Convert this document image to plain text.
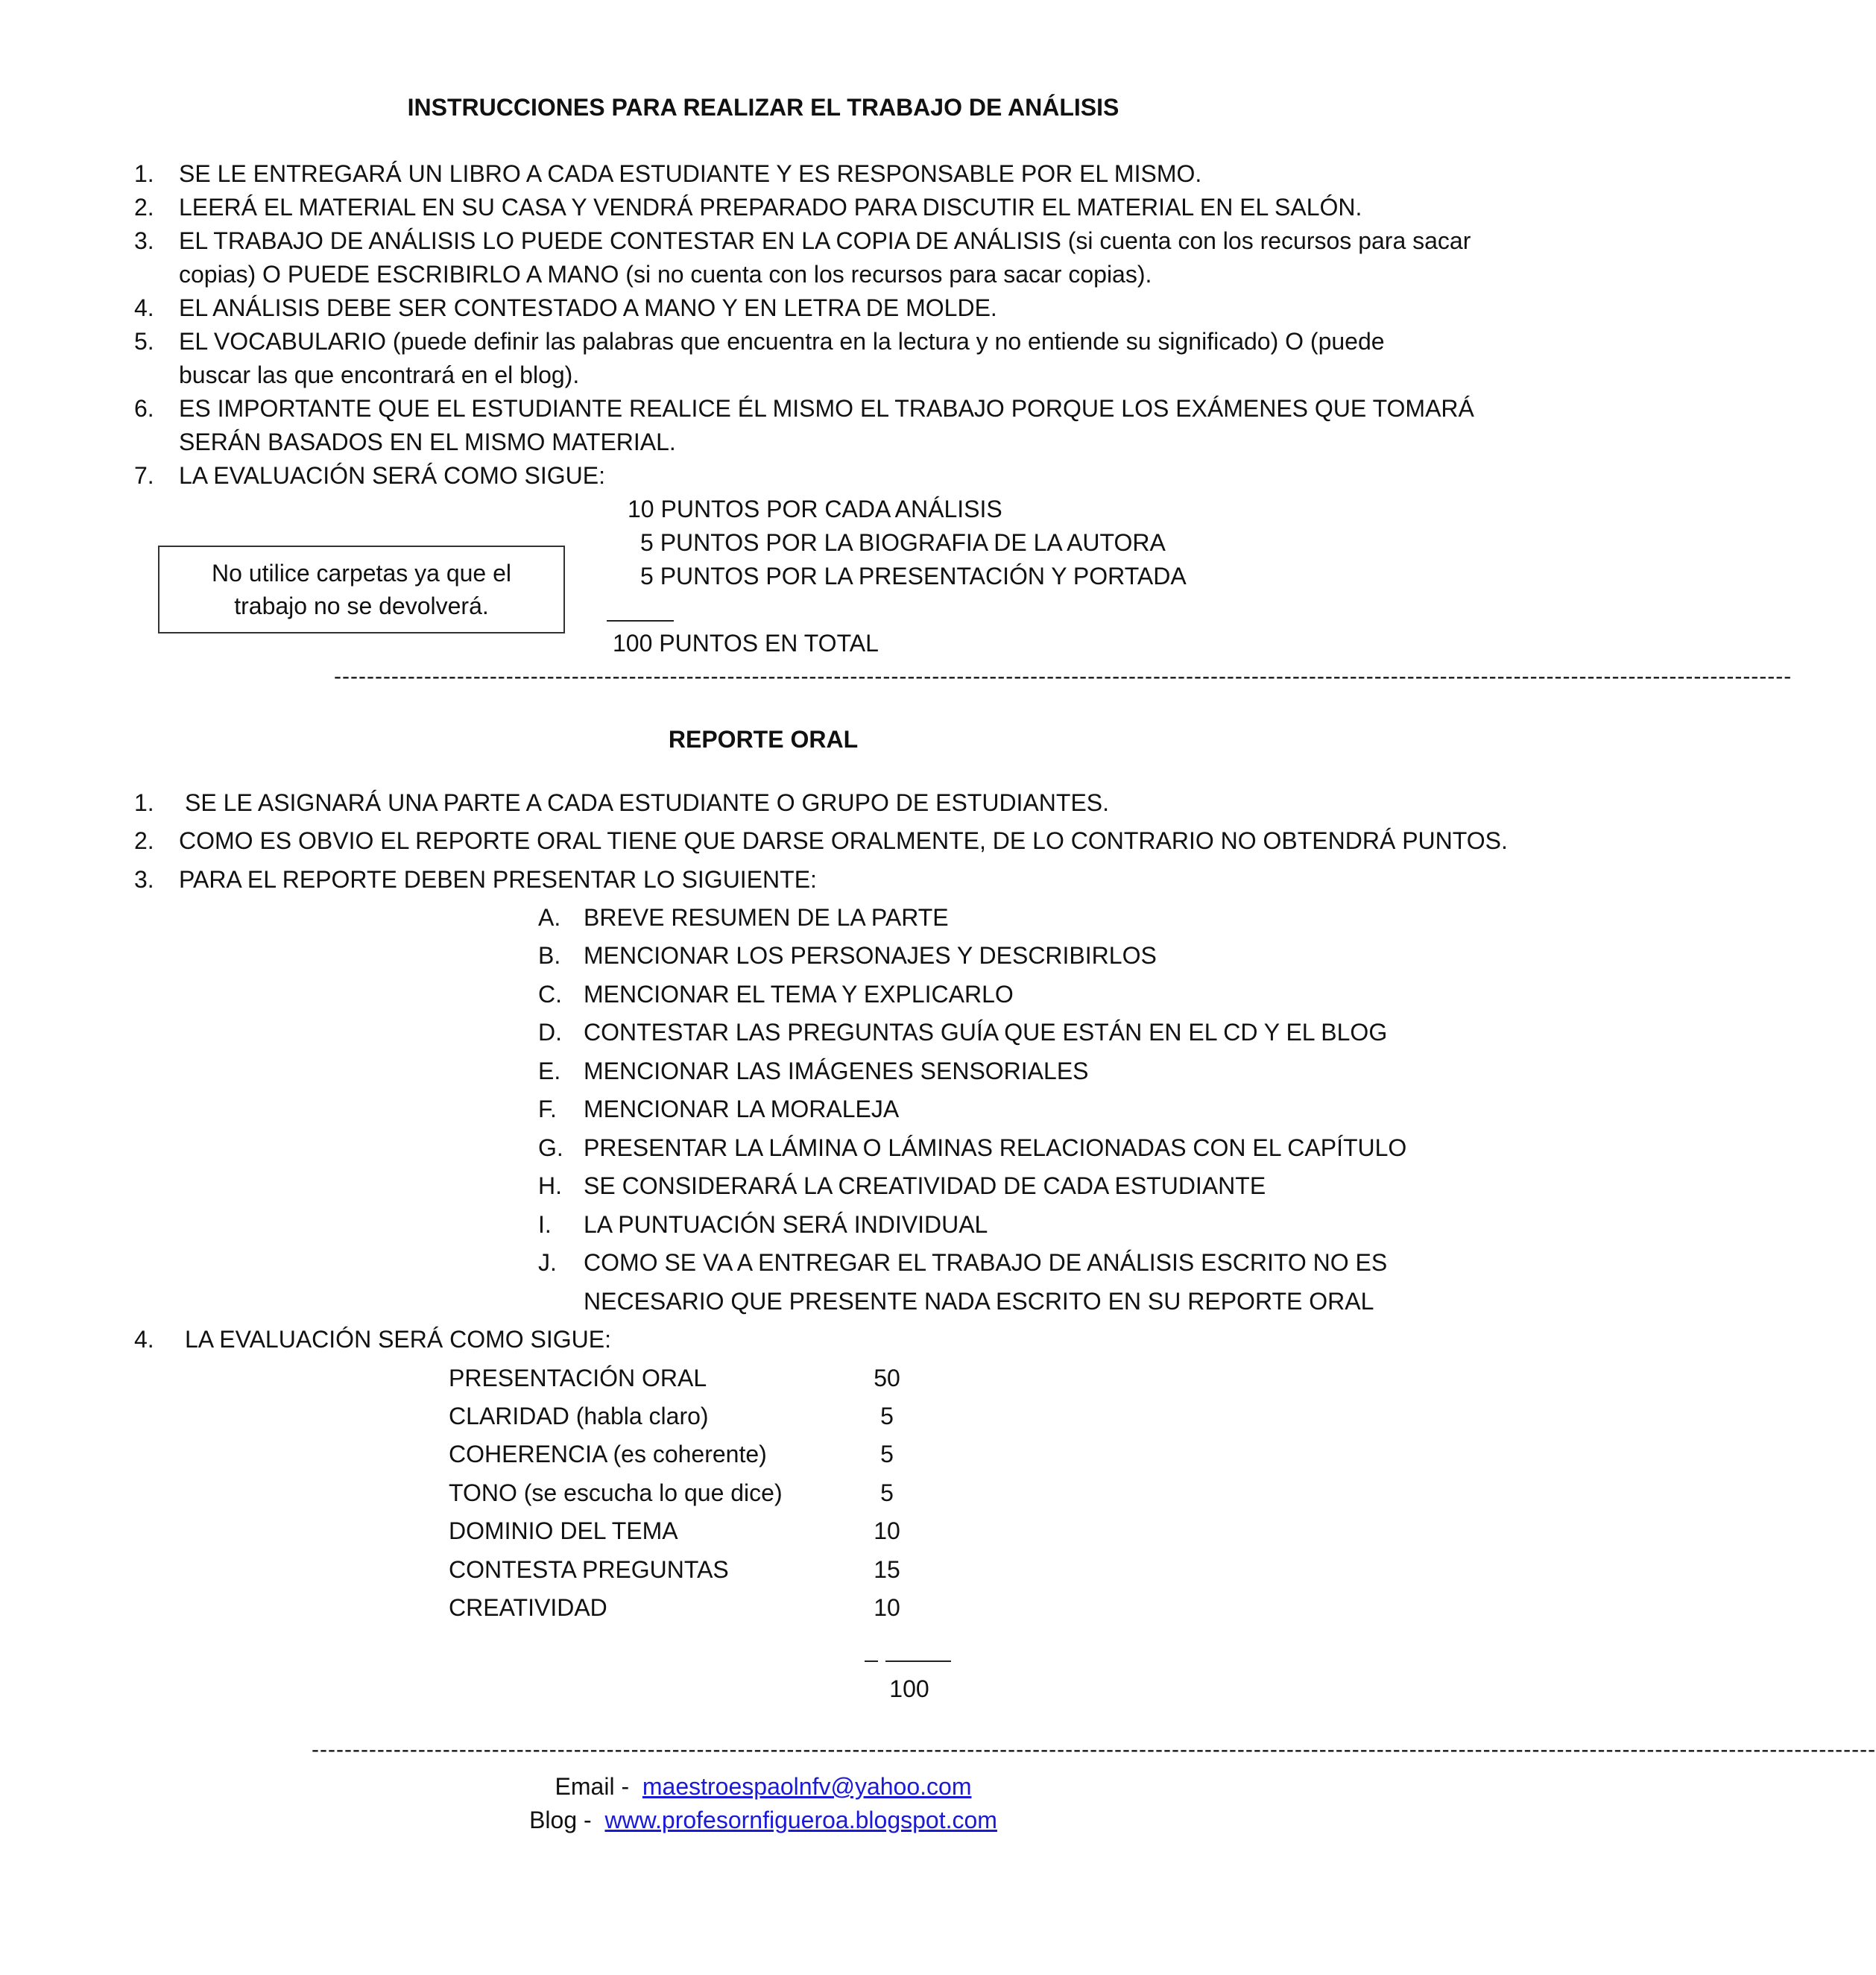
INSTRUCCIONES PARA REALIZAR EL TRABAJO DE ANÁLISIS
1. SE LE ENTREGARÁ UN LIBRO A CADA ESTUDIANTE Y ES RESPONSABLE POR EL MISMO.
2. LEERÁ EL MATERIAL EN SU CASA Y VENDRÁ PREPARADO PARA DISCUTIR EL MATERIAL EN EL SALÓN.
3. EL TRABAJO DE ANÁLISIS LO PUEDE CONTESTAR EN LA COPIA DE ANÁLISIS (si cuenta con los recursos para sacar
copias) O PUEDE ESCRIBIRLO A MANO (si no cuenta con los recursos para sacar copias).
4. EL ANÁLISIS DEBE SER CONTESTADO A MANO Y EN LETRA DE MOLDE.
5. EL VOCABULARIO (puede definir las palabras que encuentra en la lectura y no entiende su significado) O (puede
buscar las que encontrará en el blog).
6. ES IMPORTANTE QUE EL ESTUDIANTE REALICE ÉL MISMO EL TRABAJO PORQUE LOS EXÁMENES QUE TOMARÁ
SERÁN BASADOS EN EL MISMO MATERIAL.
7. LA EVALUACIÓN SERÁ COMO SIGUE:
10 PUNTOS POR CADA ANÁLISIS
5 PUNTOS POR LA BIOGRAFIA DE LA AUTORA
5 PUNTOS POR LA PRESENTACIÓN Y PORTADA
100 PUNTOS EN TOTAL
No utilice carpetas ya que el
trabajo no se devolverá.
----------------------------------------------------------------------------------------------------------------------------------------------------------------------------------
REPORTE ORAL
1. SE LE ASIGNARÁ UNA PARTE A CADA ESTUDIANTE O GRUPO DE ESTUDIANTES.
2. COMO ES OBVIO EL REPORTE ORAL TIENE QUE DARSE ORALMENTE, DE LO CONTRARIO NO OBTENDRÁ PUNTOS.
3. PARA EL REPORTE DEBEN PRESENTAR LO SIGUIENTE:
A. BREVE RESUMEN DE LA PARTE
B. MENCIONAR LOS PERSONAJES Y DESCRIBIRLOS
C. MENCIONAR EL TEMA Y EXPLICARLO
D. CONTESTAR LAS PREGUNTAS GUÍA QUE ESTÁN EN EL CD Y EL BLOG
E. MENCIONAR LAS IMÁGENES SENSORIALES
F. MENCIONAR LA MORALEJA
G. PRESENTAR LA LÁMINA O LÁMINAS RELACIONADAS CON EL CAPÍTULO
H. SE CONSIDERARÁ LA CREATIVIDAD DE CADA ESTUDIANTE
I. LA PUNTUACIÓN SERÁ INDIVIDUAL
J. COMO SE VA A ENTREGAR EL TRABAJO DE ANÁLISIS ESCRITO NO ES
NECESARIO QUE PRESENTE NADA ESCRITO EN SU REPORTE ORAL
4. LA EVALUACIÓN SERÁ COMO SIGUE:
PRESENTACIÓN ORAL	50
CLARIDAD (habla claro)	5
COHERENCIA (es coherente)	5
TONO (se escucha lo que dice)	5
DOMINIO DEL TEMA	10
CONTESTA PREGUNTAS	15
CREATIVIDAD	10
100
-----------------------------------------------------------------------------------------------------------------------------------------------------------------------------------------------
Email - maestroespaolnfv@yahoo.com
Blog - www.profesornfigueroa.blogspot.com
